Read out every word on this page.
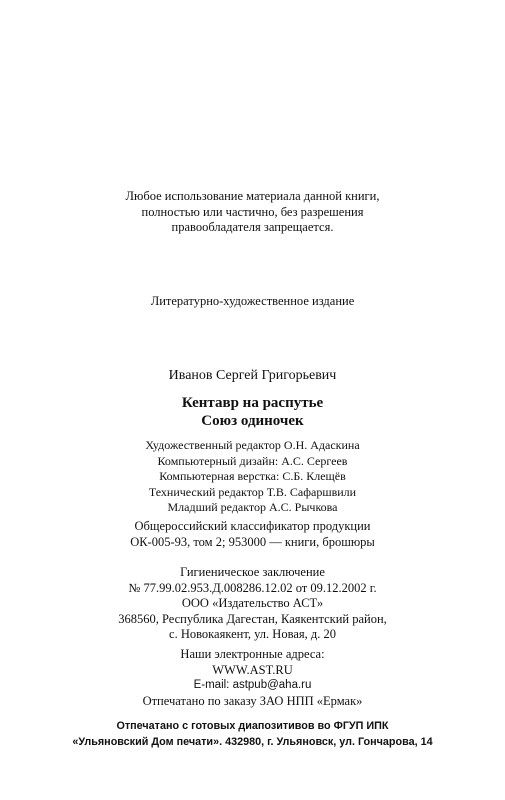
Любое использование материала данной книги,
полностью или частично, без разрешения
правообладателя запрещается.
Литературно-художественное издание
Иванов Сергей Григорьевич
Кентавр на распутье
Союз одиночек
Художественный редактор О.Н. Адаскина
Компьютерный дизайн: А.С. Сергеев
Компьютерная верстка: С.Б. Клещёв
Технический редактор Т.В. Сафаршвили
Младший редактор А.С. Рычкова
Общероссийский классификатор продукции
ОК-005-93, том 2; 953000 — книги, брошюры
Гигиеническое заключение
№ 77.99.02.953.Д.008286.12.02 от 09.12.2002 г.
ООО «Издательство АСТ»
368560, Республика Дагестан, Каякентский район,
с. Новокаякент, ул. Новая, д. 20
Наши электронные адреса:
WWW.AST.RU
E-mail: astpub@aha.ru
Отпечатано по заказу ЗАО НПП «Ермак»
Отпечатано с готовых диапозитивов во ФГУП ИПК
«Ульяновский Дом печати». 432980, г. Ульяновск, ул. Гончарова, 14
